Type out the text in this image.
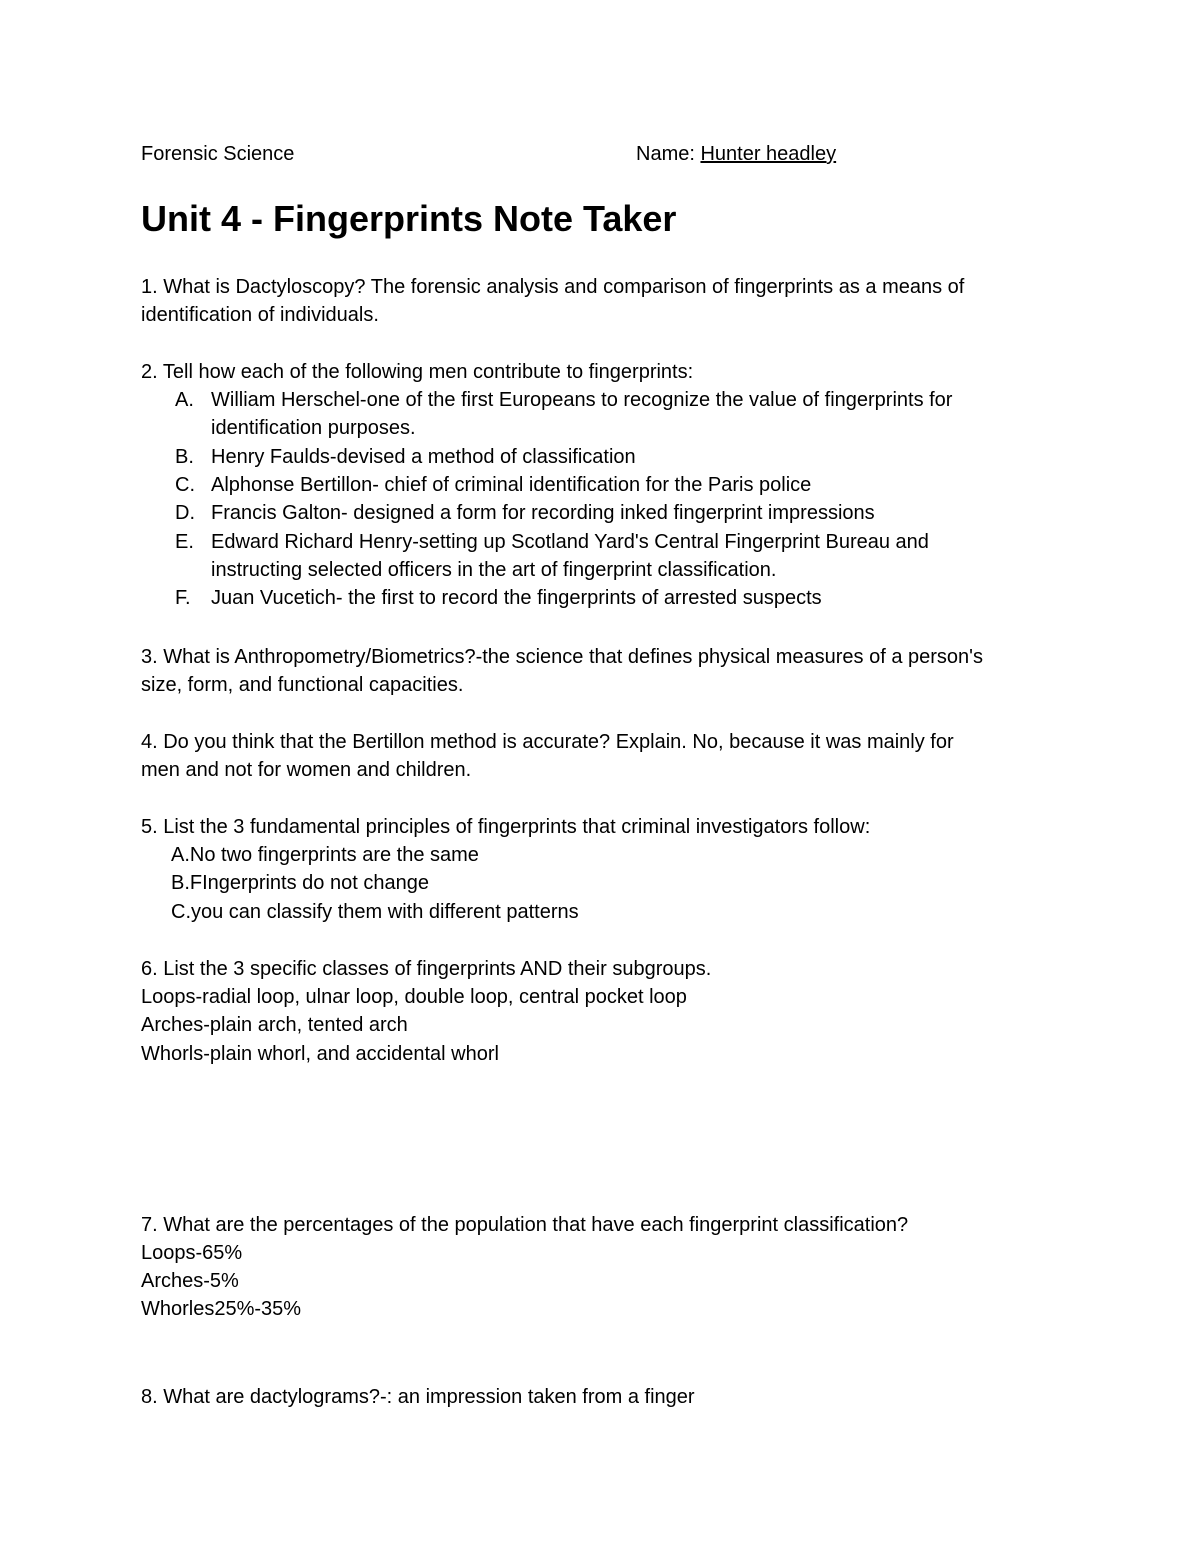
Forensic Science	Name: Hunter headley
Unit 4 - Fingerprints Note Taker
1. What is Dactyloscopy? The forensic analysis and comparison of fingerprints as a means of
identification of individuals.
2. Tell how each of the following men contribute to fingerprints:
A. William Herschel-one of the first Europeans to recognize the value of fingerprints for
identification purposes.
B. Henry Faulds-devised a method of classification
C. Alphonse Bertillon- chief of criminal identification for the Paris police
D. Francis Galton- designed a form for recording inked fingerprint impressions
E. Edward Richard Henry-setting up Scotland Yard's Central Fingerprint Bureau and
instructing selected officers in the art of fingerprint classification.
F. Juan Vucetich- the first to record the fingerprints of arrested suspects
3. What is Anthropometry/Biometrics?-the science that defines physical measures of a person's
size, form, and functional capacities.
4. Do you think that the Bertillon method is accurate? Explain. No, because it was mainly for
men and not for women and children.
5. List the 3 fundamental principles of fingerprints that criminal investigators follow:
A.No two fingerprints are the same
B.FIngerprints do not change
C.you can classify them with different patterns
6. List the 3 specific classes of fingerprints AND their subgroups.
Loops-radial loop, ulnar loop, double loop, central pocket loop
Arches-plain arch, tented arch
Whorls-plain whorl, and accidental whorl
7. What are the percentages of the population that have each fingerprint classification?
Loops-65%
Arches-5%
Whorles25%-35%
8. What are dactylograms?-: an impression taken from a finger
